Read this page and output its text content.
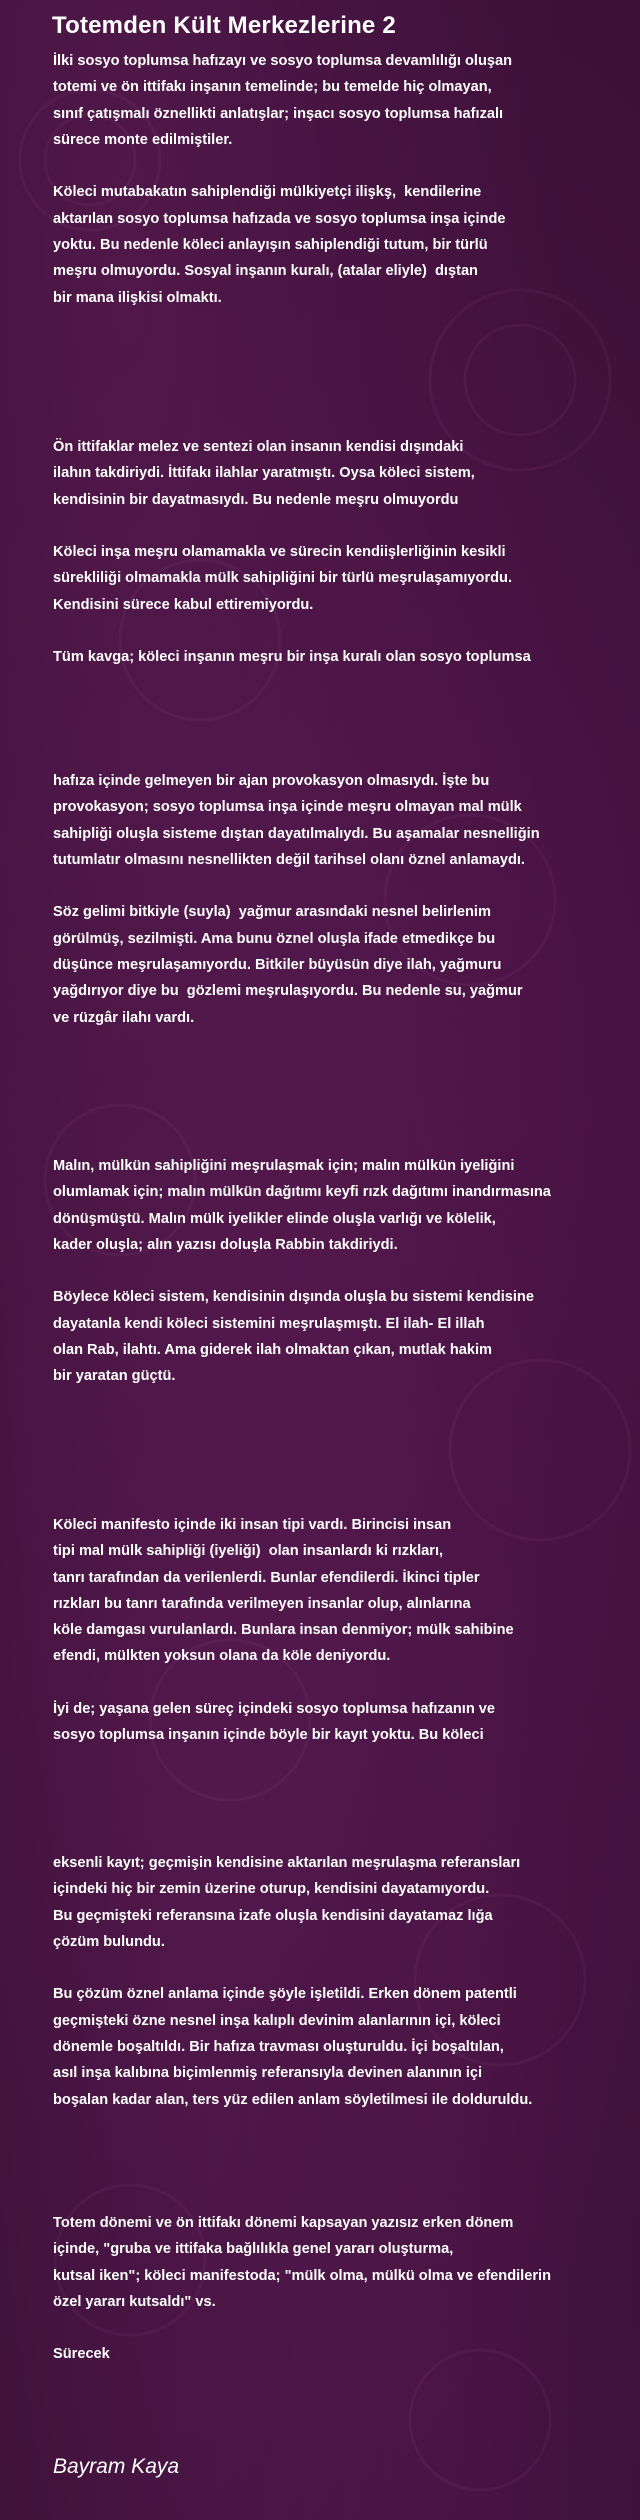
Totemden Kült Merkezlerine 2

İlki sosyo toplumsa hafızayı ve sosyo toplumsa devamlılığı oluşan
totemi ve ön ittifakı inşanın temelinde; bu temelde hiç olmayan,
sınıf çatışmalı öznellikti anlatışlar; inşacı sosyo toplumsa hafızalı
sürece monte edilmiştiler.

Köleci mutabakatın sahiplendiği mülkiyetçi ilişkş,  kendilerine
aktarılan sosyo toplumsa hafızada ve sosyo toplumsa inşa içinde
yoktu. Bu nedenle köleci anlayışın sahiplendiği tutum, bir türlü
meşru olmuyordu. Sosyal inşanın kuralı, (atalar eliyle)  dıştan
bir mana ilişkisi olmaktı.

Ön ittifaklar melez ve sentezi olan insanın kendisi dışındaki
ilahın takdiriydi. İttifakı ilahlar yaratmıştı. Oysa köleci sistem,
kendisinin bir dayatmasıydı. Bu nedenle meşru olmuyordu

Köleci inşa meşru olamamakla ve sürecin kendiişlerliğinin kesikli
sürekliliği olmamakla mülk sahipliğini bir türlü meşrulaşamıyordu.
Kendisini sürece kabul ettiremiyordu.

Tüm kavga; köleci inşanın meşru bir inşa kuralı olan sosyo toplumsa

hafıza içinde gelmeyen bir ajan provokasyon olmasıydı. İşte bu
provokasyon; sosyo toplumsa inşa içinde meşru olmayan mal mülk
sahipliği oluşla sisteme dıştan dayatılmalıydı. Bu aşamalar nesnelliğin
tutumlatır olmasını nesnellikten değil tarihsel olanı öznel anlamaydı.

Söz gelimi bitkiyle (suyla)  yağmur arasındaki nesnel belirlenim
görülmüş, sezilmişti. Ama bunu öznel oluşla ifade etmedikçe bu
düşünce meşrulaşamıyordu. Bitkiler büyüsün diye ilah, yağmuru
yağdırıyor diye bu  gözlemi meşrulaşıyordu. Bu nedenle su, yağmur
ve rüzgâr ilahı vardı.

Malın, mülkün sahipliğini meşrulaşmak için; malın mülkün iyeliğini
olumlamak için; malın mülkün dağıtımı keyfi rızk dağıtımı inandırmasına
dönüşmüştü. Malın mülk iyelikler elinde oluşla varlığı ve kölelik,
kader oluşla; alın yazısı doluşla Rabbin takdiriydi.

Böylece köleci sistem, kendisinin dışında oluşla bu sistemi kendisine
dayatanla kendi köleci sistemini meşrulaşmıştı. El ilah- El illah
olan Rab, ilahtı. Ama giderek ilah olmaktan çıkan, mutlak hakim
bir yaratan güçtü.

Köleci manifesto içinde iki insan tipi vardı. Birincisi insan
tipi mal mülk sahipliği (iyeliği)  olan insanlardı ki rızkları,
tanrı tarafından da verilenlerdi. Bunlar efendilerdi. İkinci tipler
rızkları bu tanrı tarafında verilmeyen insanlar olup, alınlarına
köle damgası vurulanlardı. Bunlara insan denmiyor; mülk sahibine
efendi, mülkten yoksun olana da köle deniyordu.

İyi de; yaşana gelen süreç içindeki sosyo toplumsa hafızanın ve
sosyo toplumsa inşanın içinde böyle bir kayıt yoktu. Bu köleci

eksenli kayıt; geçmişin kendisine aktarılan meşrulaşma referansları
içindeki hiç bir zemin üzerine oturup, kendisini dayatamıyordu.
Bu geçmişteki referansına izafe oluşla kendisini dayatamaz lığa
çözüm bulundu.

Bu çözüm öznel anlama içinde şöyle işletildi. Erken dönem patentli
geçmişteki özne nesnel inşa kalıplı devinim alanlarının içi, köleci
dönemle boşaltıldı. Bir hafıza travması oluşturuldu. İçi boşaltılan,
asıl inşa kalıbına biçimlenmiş referansıyla devinen alanının içi
boşalan kadar alan, ters yüz edilen anlam söyletilmesi ile dolduruldu.

Totem dönemi ve ön ittifakı dönemi kapsayan yazısız erken dönem
içinde, "gruba ve ittifaka bağlılıkla genel yararı oluşturma,
kutsal iken"; köleci manifestoda; "mülk olma, mülkü olma ve efendilerin
özel yararı kutsaldı" vs.

Sürecek

Bayram Kaya
